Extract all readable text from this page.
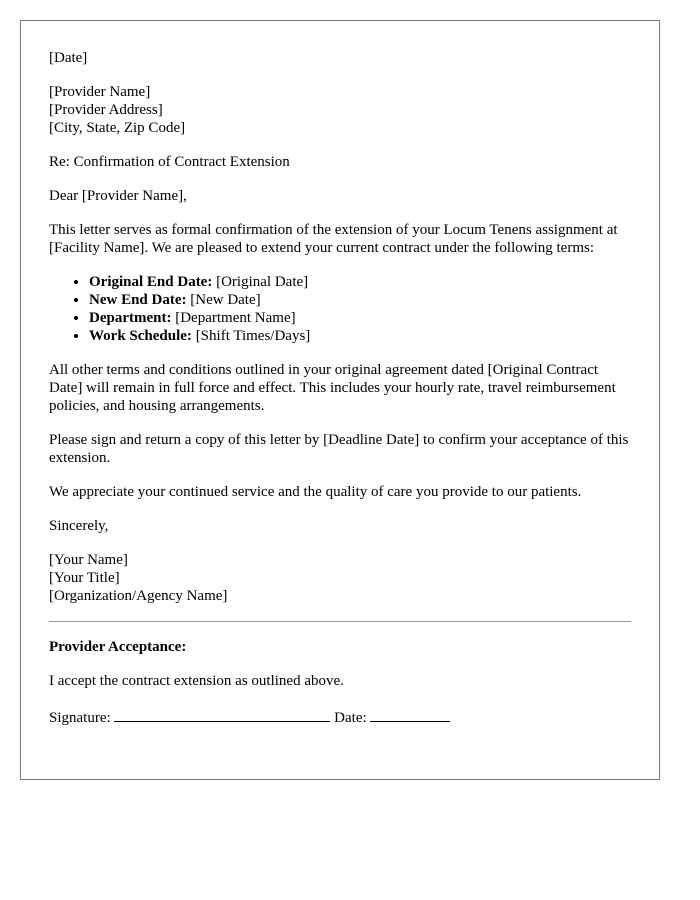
[Date]
[Provider Name]
[Provider Address]
[City, State, Zip Code]

Re: Confirmation of Contract Extension

Dear [Provider Name],

This letter serves as formal confirmation of the extension of your Locum Tenens assignment at [Facility Name]. We are pleased to extend your current contract under the following terms:

• Original End Date: [Original Date]
• New End Date: [New Date]
• Department: [Department Name]
• Work Schedule: [Shift Times/Days]

All other terms and conditions outlined in your original agreement dated [Original Contract Date] will remain in full force and effect. This includes your hourly rate, travel reimbursement policies, and housing arrangements.

Please sign and return a copy of this letter by [Deadline Date] to confirm your acceptance of this extension.

We appreciate your continued service and the quality of care you provide to our patients.

Sincerely,

[Your Name]
[Your Title]
[Organization/Agency Name]

Provider Acceptance:

I accept the contract extension as outlined above.

Signature:	Date:
